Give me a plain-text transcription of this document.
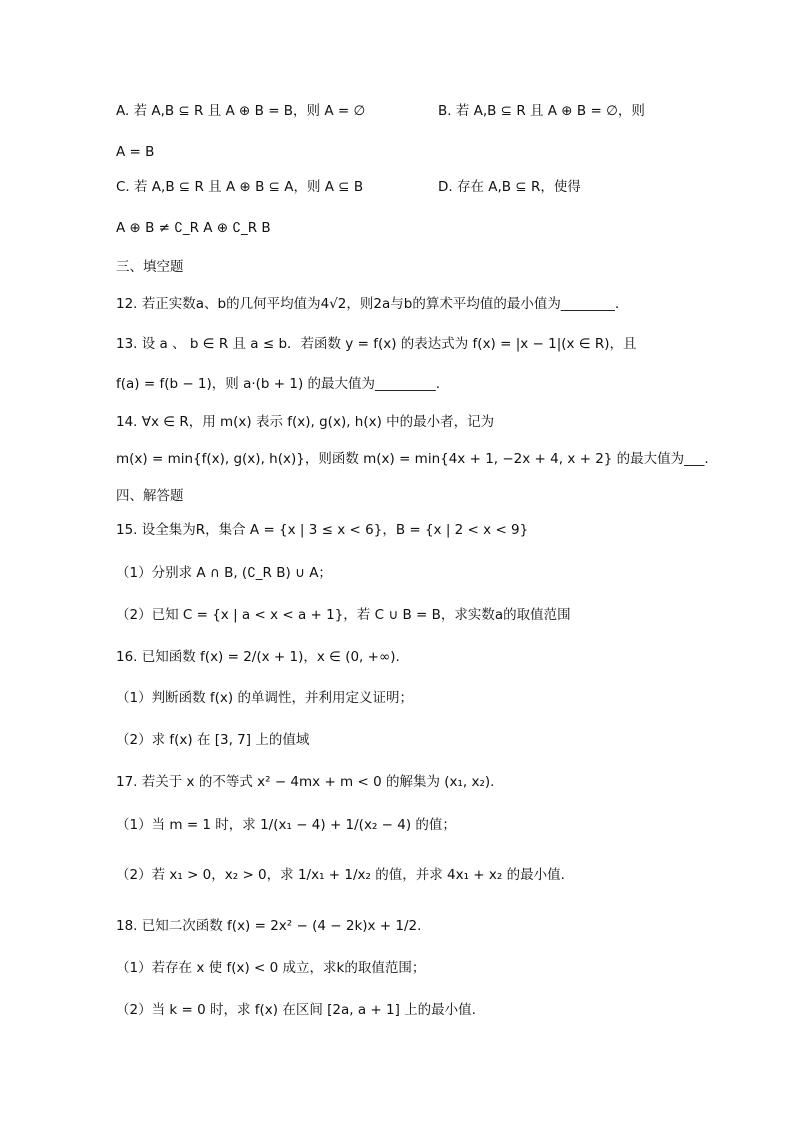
A. 若 A,B ⊆ R 且 A ⊕ B = B，则 A = ∅	B. 若 A,B ⊆ R 且 A ⊕ B = ∅，则
A = B
C. 若 A,B ⊆ R 且 A ⊕ B ⊆ A，则 A ⊆ B	D. 存在 A,B ⊆ R，使得
A ⊕ B ≠ ∁_R A ⊕ ∁_R B
三、填空题
12. 若正实数a、b的几何平均值为4√2，则2a与b的算术平均值的最小值为________.
13. 设 a 、 b ∈ R 且 a ≤ b．若函数 y = f(x) 的表达式为 f(x) = |x − 1|(x ∈ R)，且
f(a) = f(b − 1)，则 a·(b + 1) 的最大值为_________.
14. ∀x ∈ R，用 m(x) 表示 f(x), g(x), h(x) 中的最小者，记为
m(x) = min{f(x), g(x), h(x)}，则函数 m(x) = min{4x + 1, −2x + 4, x + 2} 的最大值为___.
四、解答题
15. 设全集为R，集合 A = {x | 3 ≤ x < 6}，B = {x | 2 < x < 9}
（1）分别求 A ∩ B, (∁_R B) ∪ A；
（2）已知 C = {x | a < x < a + 1}，若 C ∪ B = B，求实数a的取值范围
16. 已知函数 f(x) = 2/(x + 1)，x ∈ (0, +∞).
（1）判断函数 f(x) 的单调性，并利用定义证明；
（2）求 f(x) 在 [3, 7] 上的值域
17. 若关于 x 的不等式 x² − 4mx + m < 0 的解集为 (x₁, x₂).
（1）当 m = 1 时，求 1/(x₁ − 4) + 1/(x₂ − 4) 的值；
（2）若 x₁ > 0，x₂ > 0，求 1/x₁ + 1/x₂ 的值，并求 4x₁ + x₂ 的最小值.
18. 已知二次函数 f(x) = 2x² − (4 − 2k)x + 1/2.
（1）若存在 x 使 f(x) < 0 成立，求k的取值范围；
（2）当 k = 0 时，求 f(x) 在区间 [2a, a + 1] 上的最小值.
